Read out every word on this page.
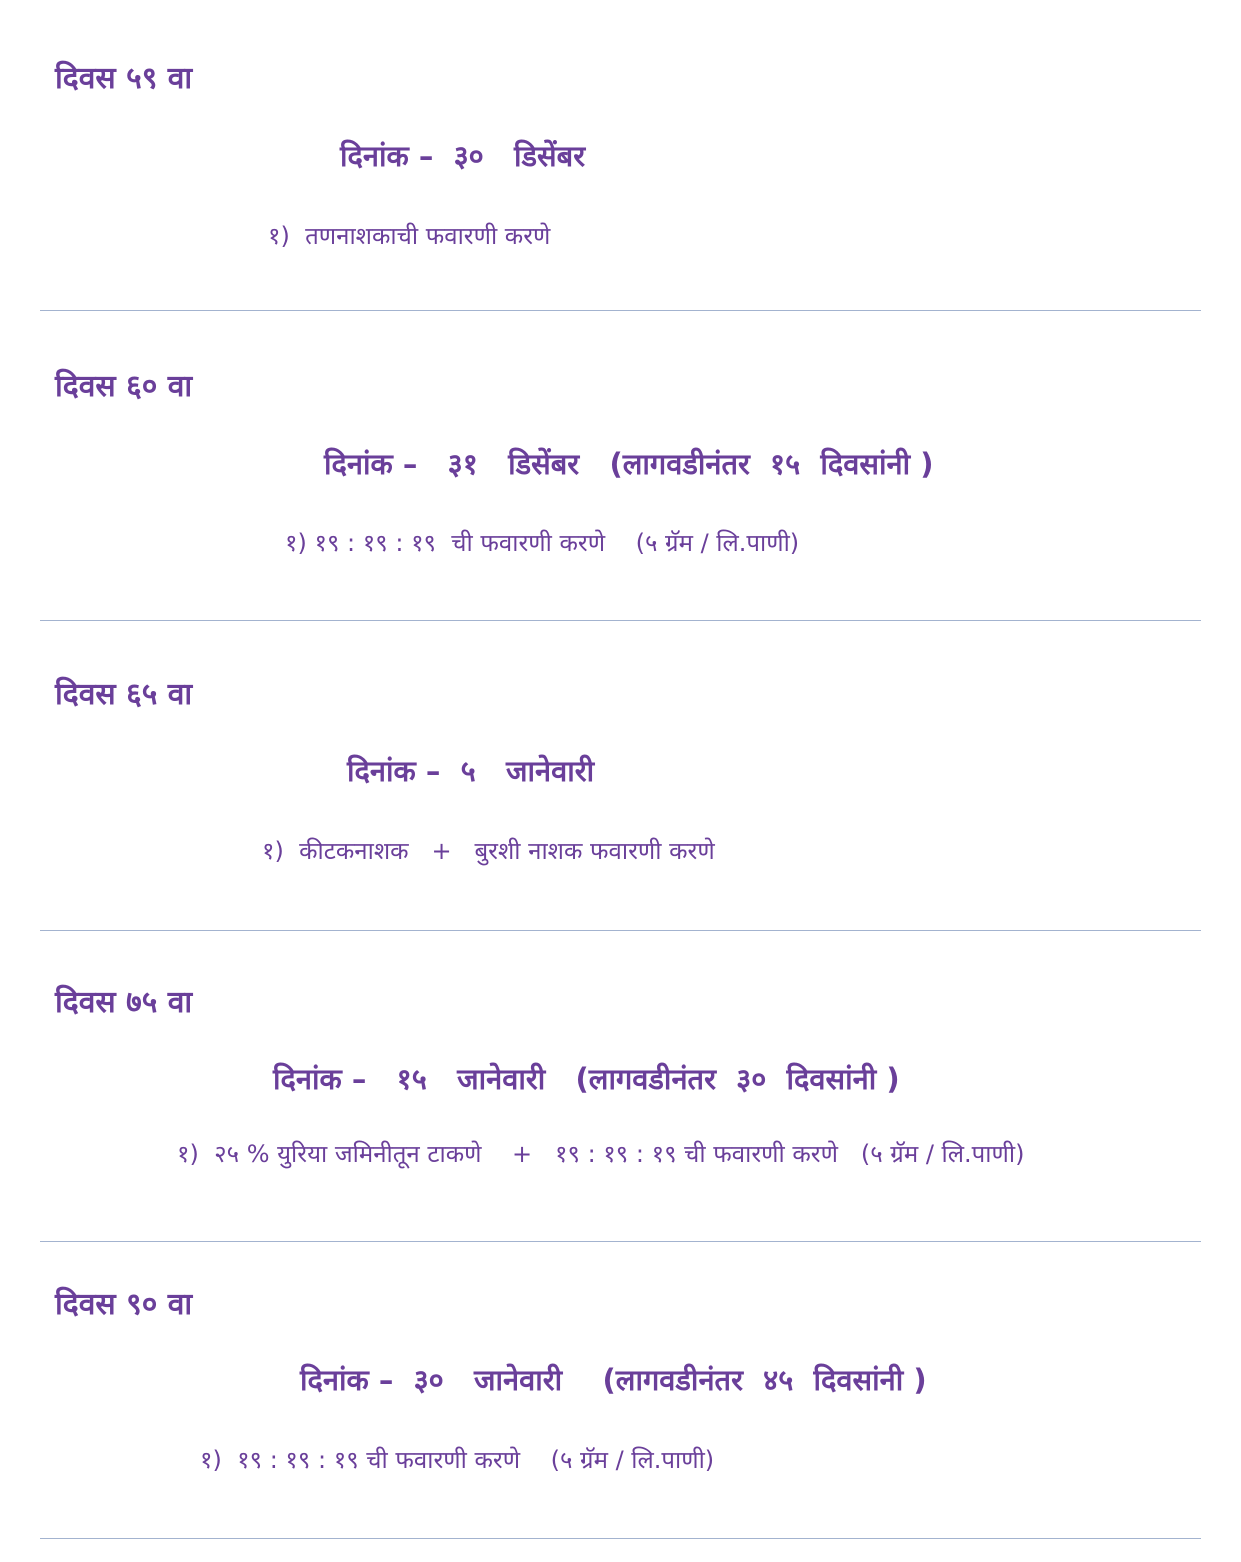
दिवस ५९ वा
दिनांक –  ३०   डिसेंबर
१)  तणनाशकाची फवारणी करणे
दिवस ६० वा
दिनांक –   ३१   डिसेंबर   (लागवडीनंतर  १५  दिवसांनी )
१) १९ : १९ : १९  ची फवारणी करणे    (५ ग्रॅम / लि.पाणी)
दिवस ६५ वा
दिनांक –  ५   जानेवारी
१)  कीटकनाशक   +   बुरशी नाशक फवारणी करणे
दिवस ७५ वा
दिनांक –   १५   जानेवारी   (लागवडीनंतर  ३०  दिवसांनी )
१)  २५ % युरिया जमिनीतून टाकणे    +   १९ : १९ : १९ ची फवारणी करणे   (५ ग्रॅम / लि.पाणी)
दिवस ९० वा
दिनांक –  ३०   जानेवारी    (लागवडीनंतर  ४५  दिवसांनी )
१)  १९ : १९ : १९ ची फवारणी करणे    (५ ग्रॅम / लि.पाणी)
